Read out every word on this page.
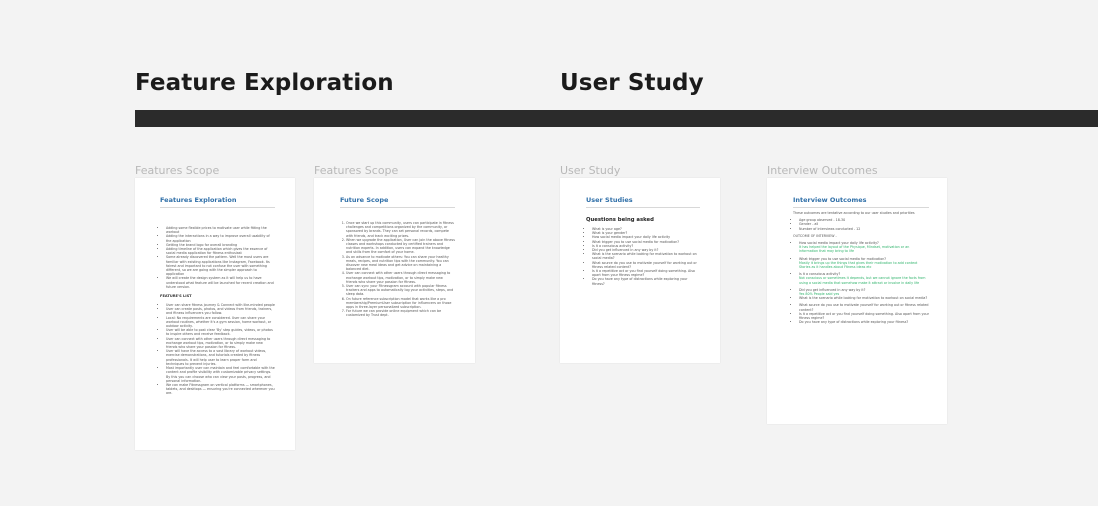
Feature Exploration	User Study
Features Scope	Features Scope	User Study	Interview Outcomes
Features Exploration
• Adding some flexible prices to motivate user while fitting the workout
• Adding the interactions in a way to improve overall usability of the application
• Getting the brand logo for overall branding
• Adding timeline of the application which gives the essence of social media application for fitness enthusiast
• Some already discovered the pattern. Well the most users are familiar with existing applications like Instagram, Facebook. Its fairest and important to not confuse the user with something different, so we are going with the simpler approach to application
• We will create the design system as it will help us to have understood what feature will be launched for recent creation and future version.
FEATURE'S LIST
• User can share fitness journey & Connect with like-minded people
• User can create posts, photos, and videos from friends, trainers, and fitness influencers you follow.
• Local: No requirements are considered. User can share your workout routines, whether it's a gym session, home workout, or outdoor activity.
• User will be able to post clear 'By' step guides, videos, or photos to inspire others and receive feedback.
• User can connect with other users through direct messaging to exchange workout tips, motivation, or to simply make new friends who share your passion for fitness.
• User will have the access to a vast library of workout videos, exercise demonstrations, and tutorials created by fitness professionals. It will help user to learn proper form and techniques to prevent injuries.
• Most importantly user can maintain and feel comfortable with the content and profile visibility with customizable privacy settings. By this you can choose who can view your posts, progress, and personal information.
• We can make Fitnessgram on vertical platforms — smartphones, tablets, and desktops — ensuring you're connected wherever you are.
Future Scope
1. Once we start up this community, users can participate in fitness challenges and competitions organized by the community, or sponsored by brands. They can set personal records, compete with friends, and track exciting prizes.
2. When we upgrade the application, User can join the above fitness classes and workshops conducted by certified trainers and nutrition experts. In addition, users can expand the knowledge and skills from the comfort of your home.
3. As an advance to motivate others: You can share your healthy meals, recipes, and nutrition tips with the community. You can discover new meal ideas and get advice on maintaining a balanced diet.
4. User can connect with other users through direct messaging to exchange workout tips, motivation, or to simply make new friends who share your passion for fitness.
5. User can sync your Fitnessgram account with popular fitness trackers and apps to automatically log your activities, steps, and sleep data.
6. On future reference subscription model that works like a pro membership/PremiumUser subscription for influencers on those apps in three-layer personalized subscription.
7. For future we can provide online equipment which can be customized by Trust dept.
User Studies
Questions being asked
• What is your age?
• What is your gender?
• How social media impact your daily life activity
• What trigger you to use social media for motivation?
• Is it a conscious activity?
• Did you get influenced in any way by it?
• What is the scenario while looking for motivation to workout on social media?
• What source do you use to motivate yourself for working out or fitness related content?
• Is it a repetitive act or you find yourself doing something. Also apart from your fitness regime?
• Do you have any type of distractions while exploring your fitness?
Interview Outcomes
These outcomes are tentative according to our user studies and priorities
• Age group observed - 18-30
• Gender - all
• Number of interviews conducted - 12
OUTCOME OF INTERVIEW -
• How social media impact your daily life activity?
It has helped the layout of the Physique, Mindset, motivation or an information that may bring to life
• What trigger you to use social media for motivation?
Mostly it brings up the things that gives their motivation to add context Stories as it handles about Fitness ideas etc
• Is it a conscious activity?
Not conscious or sometimes it depends, but we cannot ignore the facts from using a social media that somehow make it attract or involve in daily life
• Did you get influenced in any way by it?
Yes 80% People said yes
• What is the scenario while looking for motivation to workout on social media?
• What source do you use to motivate yourself for working out or fitness related content?
• Is it a repetitive act or you find yourself doing something. Also apart from your fitness regime?
• Do you have any type of distractions while exploring your fitness?
